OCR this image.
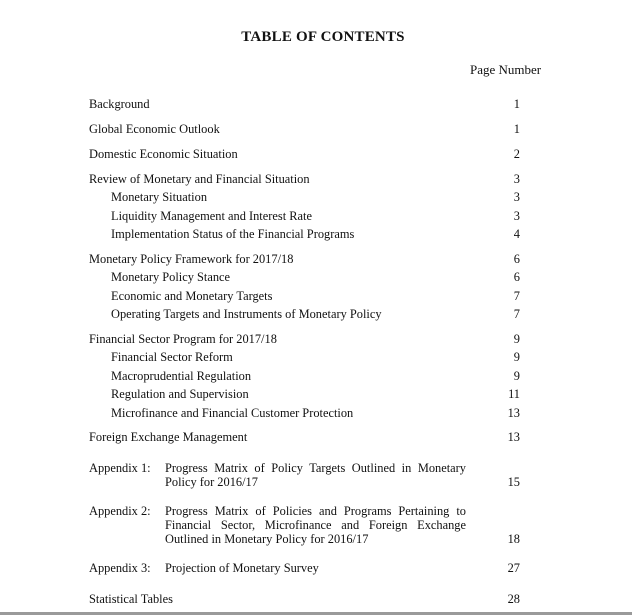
TABLE OF CONTENTS
Page Number
Background	1
Global Economic Outlook	1
Domestic Economic Situation	2
Review of Monetary and Financial Situation	3
Monetary Situation	3
Liquidity Management and Interest Rate	3
Implementation Status of the Financial Programs	4
Monetary Policy Framework for 2017/18	6
Monetary Policy Stance	6
Economic and Monetary Targets	7
Operating Targets and Instruments of Monetary Policy	7
Financial Sector Program for 2017/18	9
Financial Sector Reform	9
Macroprudential Regulation	9
Regulation and Supervision	11
Microfinance and Financial Customer Protection	13
Foreign Exchange Management	13
Appendix 1: Progress Matrix of Policy Targets Outlined in Monetary
Policy for 2016/17	15
Appendix 2: Progress Matrix of Policies and Programs Pertaining to
Financial Sector, Microfinance and Foreign Exchange
Outlined in Monetary Policy for 2016/17	18
Appendix 3: Projection of Monetary Survey	27
Statistical Tables	28
